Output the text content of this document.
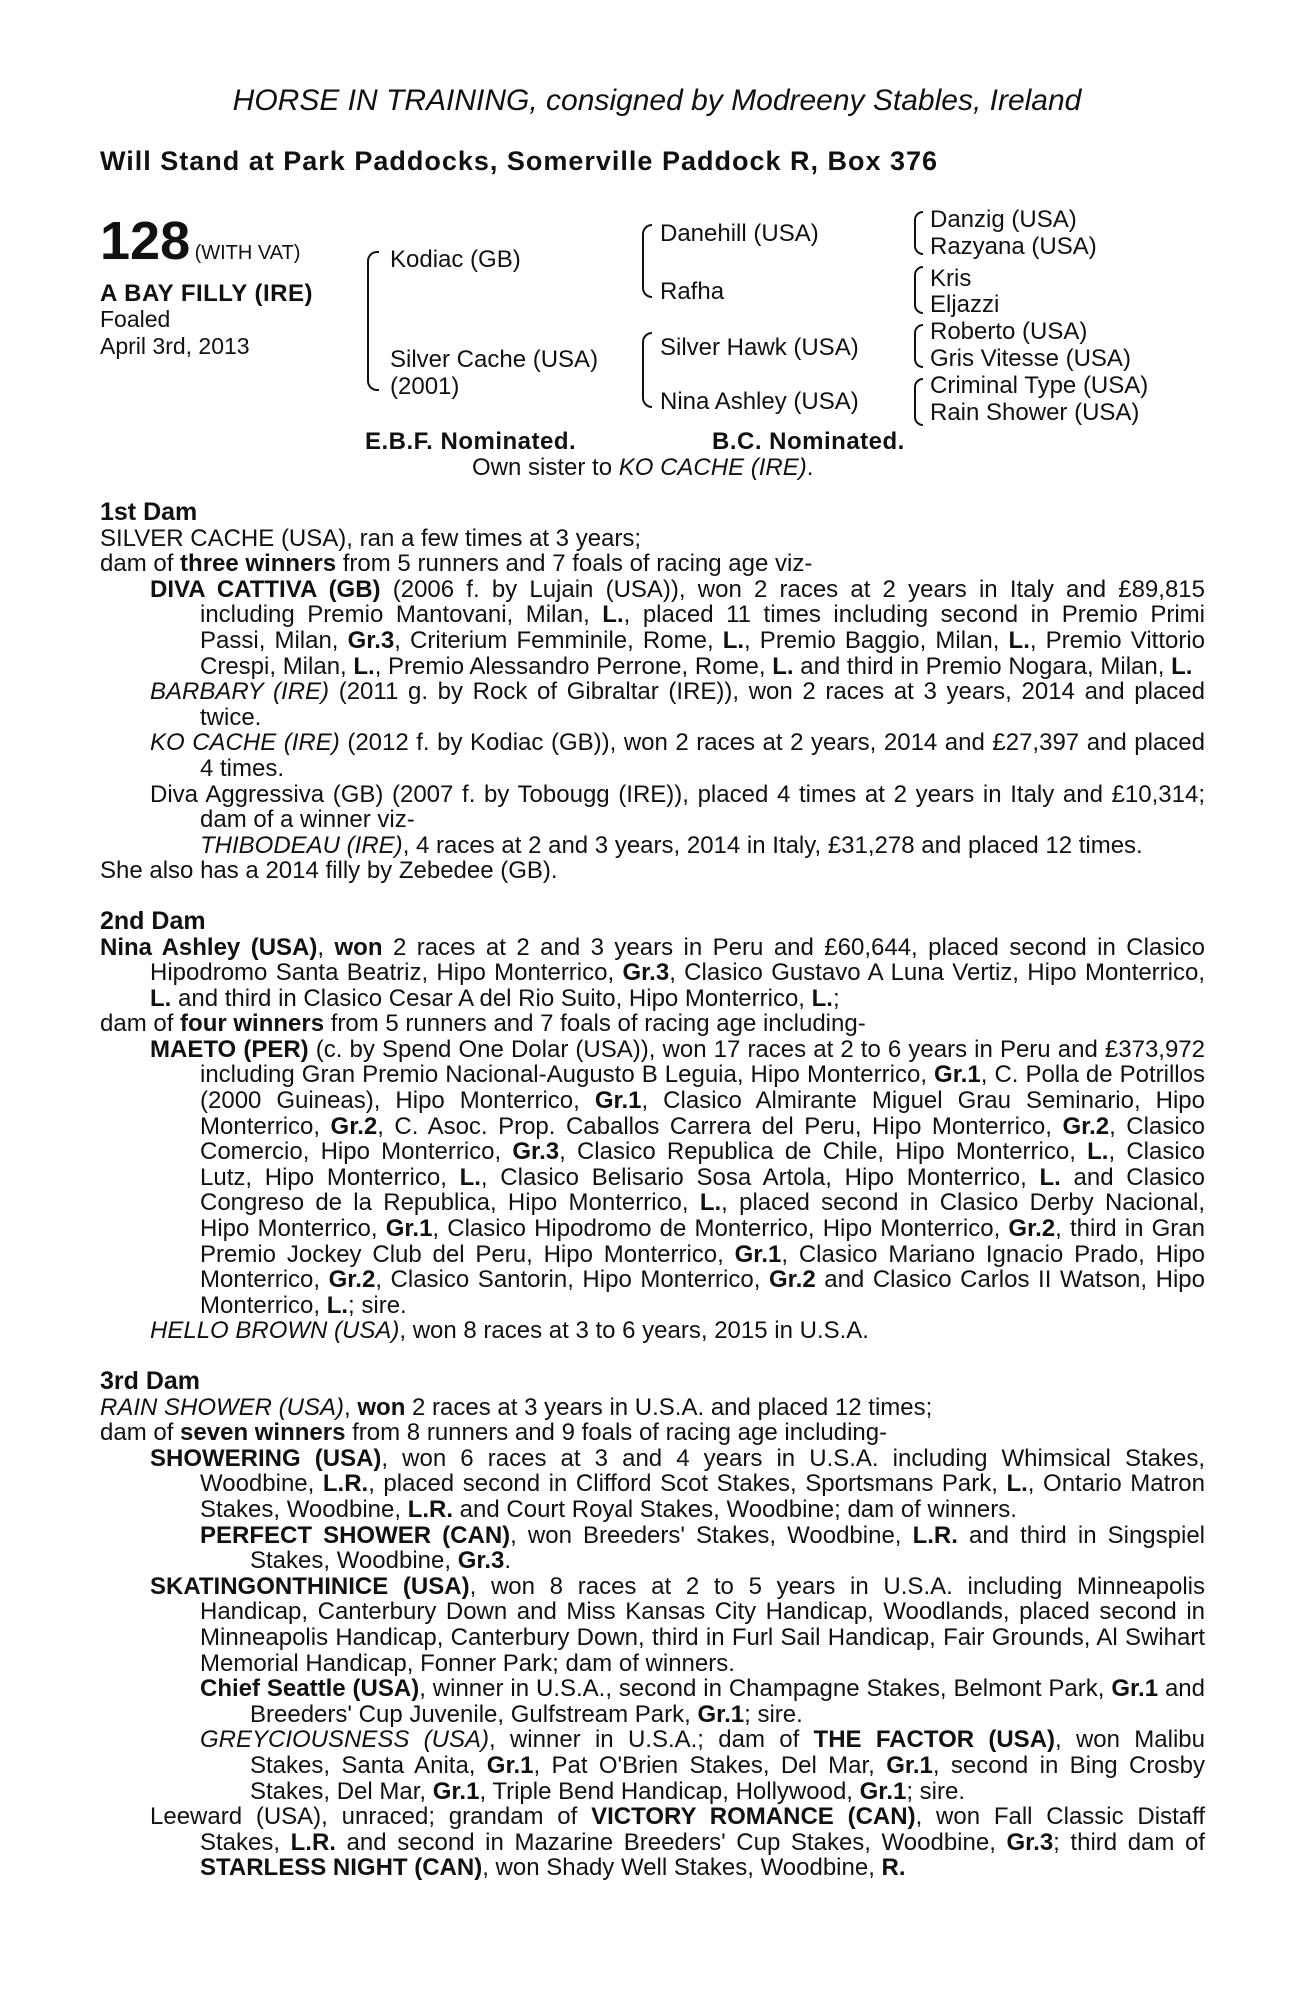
HORSE IN TRAINING, consigned by Modreeny Stables, Ireland
Will Stand at Park Paddocks, Somerville Paddock R, Box 376
128 (WITH VAT)
A BAY FILLY (IRE)
Foaled
April 3rd, 2013
Kodiac (GB)
Silver Cache (USA)
(2001)
Danehill (USA)
Rafha
Silver Hawk (USA)
Nina Ashley (USA)
Danzig (USA)
Razyana (USA)
Kris
Eljazzi
Roberto (USA)
Gris Vitesse (USA)
Criminal Type (USA)
Rain Shower (USA)
E.B.F. Nominated.	B.C. Nominated.
Own sister to KO CACHE (IRE).

1st Dam

SILVER CACHE (USA), ran a few times at 3 years;

dam of three winners from 5 runners and 7 foals of racing age viz-

DIVA CATTIVA (GB) (2006 f. by Lujain (USA)), won 2 races at 2 years in Italy and £89,815 including Premio Mantovani, Milan, L., placed 11 times including second in Premio Primi Passi, Milan, Gr.3, Criterium Femminile, Rome, L., Premio Baggio, Milan, L., Premio Vittorio Crespi, Milan, L., Premio Alessandro Perrone, Rome, L. and third in Premio Nogara, Milan, L.

BARBARY (IRE) (2011 g. by Rock of Gibraltar (IRE)), won 2 races at 3 years, 2014 and placed twice.

KO CACHE (IRE) (2012 f. by Kodiac (GB)), won 2 races at 2 years, 2014 and £27,397 and placed 4 times.

Diva Aggressiva (GB) (2007 f. by Tobougg (IRE)), placed 4 times at 2 years in Italy and £10,314; dam of a winner viz-

THIBODEAU (IRE), 4 races at 2 and 3 years, 2014 in Italy, £31,278 and placed 12 times.

She also has a 2014 filly by Zebedee (GB).

2nd Dam

Nina Ashley (USA), won 2 races at 2 and 3 years in Peru and £60,644, placed second in Clasico Hipodromo Santa Beatriz, Hipo Monterrico, Gr.3, Clasico Gustavo A Luna Vertiz, Hipo Monterrico, L. and third in Clasico Cesar A del Rio Suito, Hipo Monterrico, L.;

dam of four winners from 5 runners and 7 foals of racing age including-

MAETO (PER) (c. by Spend One Dolar (USA)), won 17 races at 2 to 6 years in Peru and £373,972 including Gran Premio Nacional-Augusto B Leguia, Hipo Monterrico, Gr.1, C. Polla de Potrillos (2000 Guineas), Hipo Monterrico, Gr.1, Clasico Almirante Miguel Grau Seminario, Hipo Monterrico, Gr.2, C. Asoc. Prop. Caballos Carrera del Peru, Hipo Monterrico, Gr.2, Clasico Comercio, Hipo Monterrico, Gr.3, Clasico Republica de Chile, Hipo Monterrico, L., Clasico Lutz, Hipo Monterrico, L., Clasico Belisario Sosa Artola, Hipo Monterrico, L. and Clasico Congreso de la Republica, Hipo Monterrico, L., placed second in Clasico Derby Nacional, Hipo Monterrico, Gr.1, Clasico Hipodromo de Monterrico, Hipo Monterrico, Gr.2, third in Gran Premio Jockey Club del Peru, Hipo Monterrico, Gr.1, Clasico Mariano Ignacio Prado, Hipo Monterrico, Gr.2, Clasico Santorin, Hipo Monterrico, Gr.2 and Clasico Carlos II Watson, Hipo Monterrico, L.; sire.

HELLO BROWN (USA), won 8 races at 3 to 6 years, 2015 in U.S.A.

3rd Dam

RAIN SHOWER (USA), won 2 races at 3 years in U.S.A. and placed 12 times;

dam of seven winners from 8 runners and 9 foals of racing age including-

SHOWERING (USA), won 6 races at 3 and 4 years in U.S.A. including Whimsical Stakes, Woodbine, L.R., placed second in Clifford Scot Stakes, Sportsmans Park, L., Ontario Matron Stakes, Woodbine, L.R. and Court Royal Stakes, Woodbine; dam of winners.

PERFECT SHOWER (CAN), won Breeders' Stakes, Woodbine, L.R. and third in Singspiel Stakes, Woodbine, Gr.3.

SKATINGONTHINICE (USA), won 8 races at 2 to 5 years in U.S.A. including Minneapolis Handicap, Canterbury Down and Miss Kansas City Handicap, Woodlands, placed second in Minneapolis Handicap, Canterbury Down, third in Furl Sail Handicap, Fair Grounds, Al Swihart Memorial Handicap, Fonner Park; dam of winners.

Chief Seattle (USA), winner in U.S.A., second in Champagne Stakes, Belmont Park, Gr.1 and Breeders' Cup Juvenile, Gulfstream Park, Gr.1; sire.

GREYCIOUSNESS (USA), winner in U.S.A.; dam of THE FACTOR (USA), won Malibu Stakes, Santa Anita, Gr.1, Pat O'Brien Stakes, Del Mar, Gr.1, second in Bing Crosby Stakes, Del Mar, Gr.1, Triple Bend Handicap, Hollywood, Gr.1; sire.

Leeward (USA), unraced; grandam of VICTORY ROMANCE (CAN), won Fall Classic Distaff Stakes, L.R. and second in Mazarine Breeders' Cup Stakes, Woodbine, Gr.3; third dam of STARLESS NIGHT (CAN), won Shady Well Stakes, Woodbine, R.
